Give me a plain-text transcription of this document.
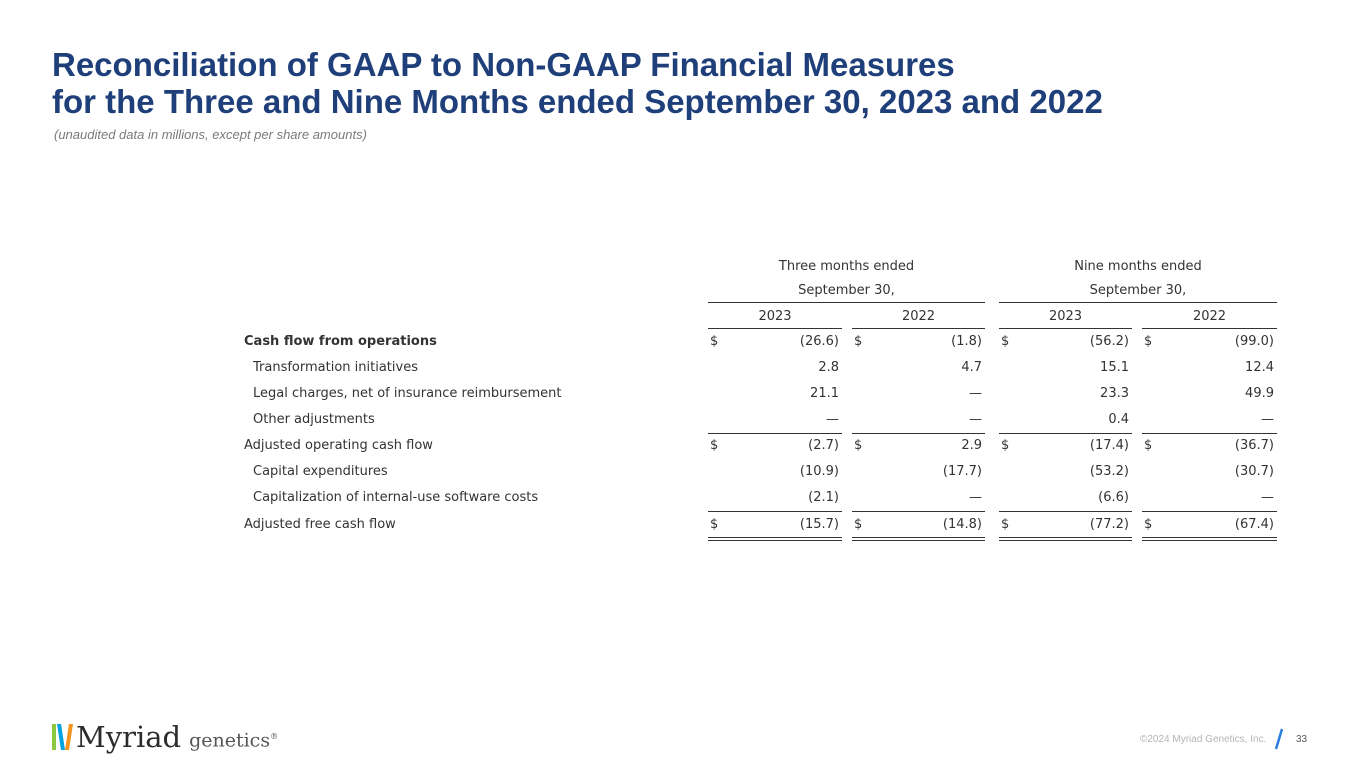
Reconciliation of GAAP to Non-GAAP Financial Measures
for the Three and Nine Months ended September 30, 2023 and 2022
(unaudited data in millions, except per share amounts)
Three months ended
September 30,
Nine months ended
September 30,
2023	2022	2023	2022
Cash flow from operations	$	(26.6) $	(1.8) $	(56.2) $	(99.0)
Transformation initiatives	2.8	4.7	15.1	12.4
Legal charges, net of insurance reimbursement	21.1	—	23.3	49.9
Other adjustments	—	—	0.4	—
Adjusted operating cash flow	$	(2.7) $	2.9 $	(17.4) $	(36.7)
Capital expenditures	(10.9)	(17.7)	(53.2)	(30.7)
Capitalization of internal-use software costs	(2.1)	—	(6.6)	—
Adjusted free cash flow	$	(15.7) $	(14.8) $	(77.2) $	(67.4)
Myriad genetics®	©2024 Myriad Genetics, Inc.	33
